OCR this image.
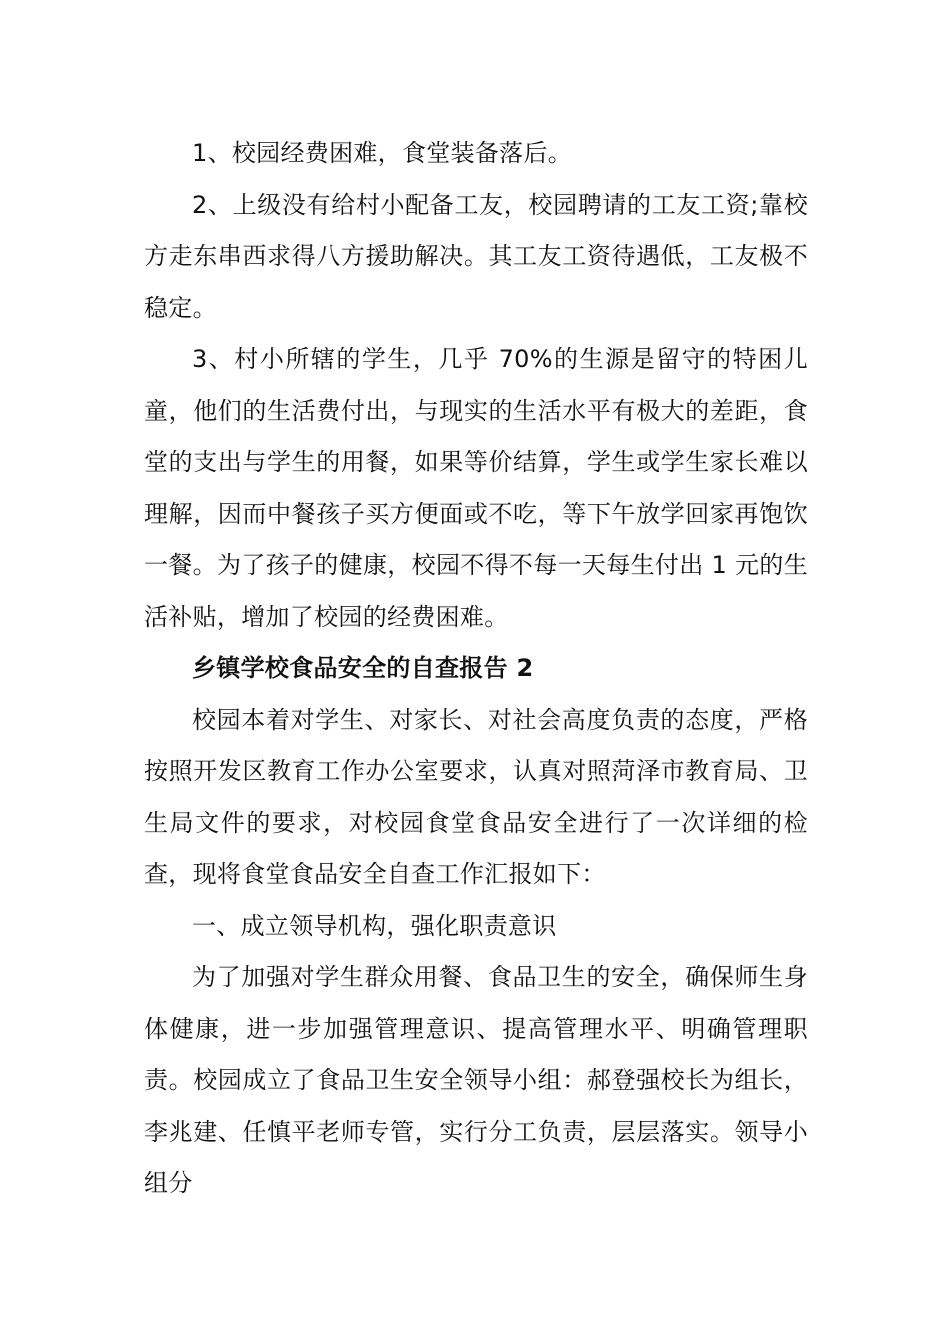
1、校园经费困难，食堂装备落后。

2、上级没有给村小配备工友，校园聘请的工友工资;靠校方走东串西求得八方援助解决。其工友工资待遇低，工友极不稳定。

3、村小所辖的学生，几乎 70%的生源是留守的特困儿童，他们的生活费付出，与现实的生活水平有极大的差距，食堂的支出与学生的用餐，如果等价结算，学生或学生家长难以理解，因而中餐孩子买方便面或不吃，等下午放学回家再饱饮一餐。为了孩子的健康，校园不得不每一天每生付出 1 元的生活补贴，增加了校园的经费困难。

乡镇学校食品安全的自查报告 2

校园本着对学生、对家长、对社会高度负责的态度，严格按照开发区教育工作办公室要求，认真对照菏泽市教育局、卫生局文件的要求，对校园食堂食品安全进行了一次详细的检查，现将食堂食品安全自查工作汇报如下：

一、成立领导机构，强化职责意识

为了加强对学生群众用餐、食品卫生的安全，确保师生身体健康，进一步加强管理意识、提高管理水平、明确管理职责。校园成立了食品卫生安全领导小组：郝登强校长为组长，李兆建、任慎平老师专管，实行分工负责，层层落实。领导小组分
